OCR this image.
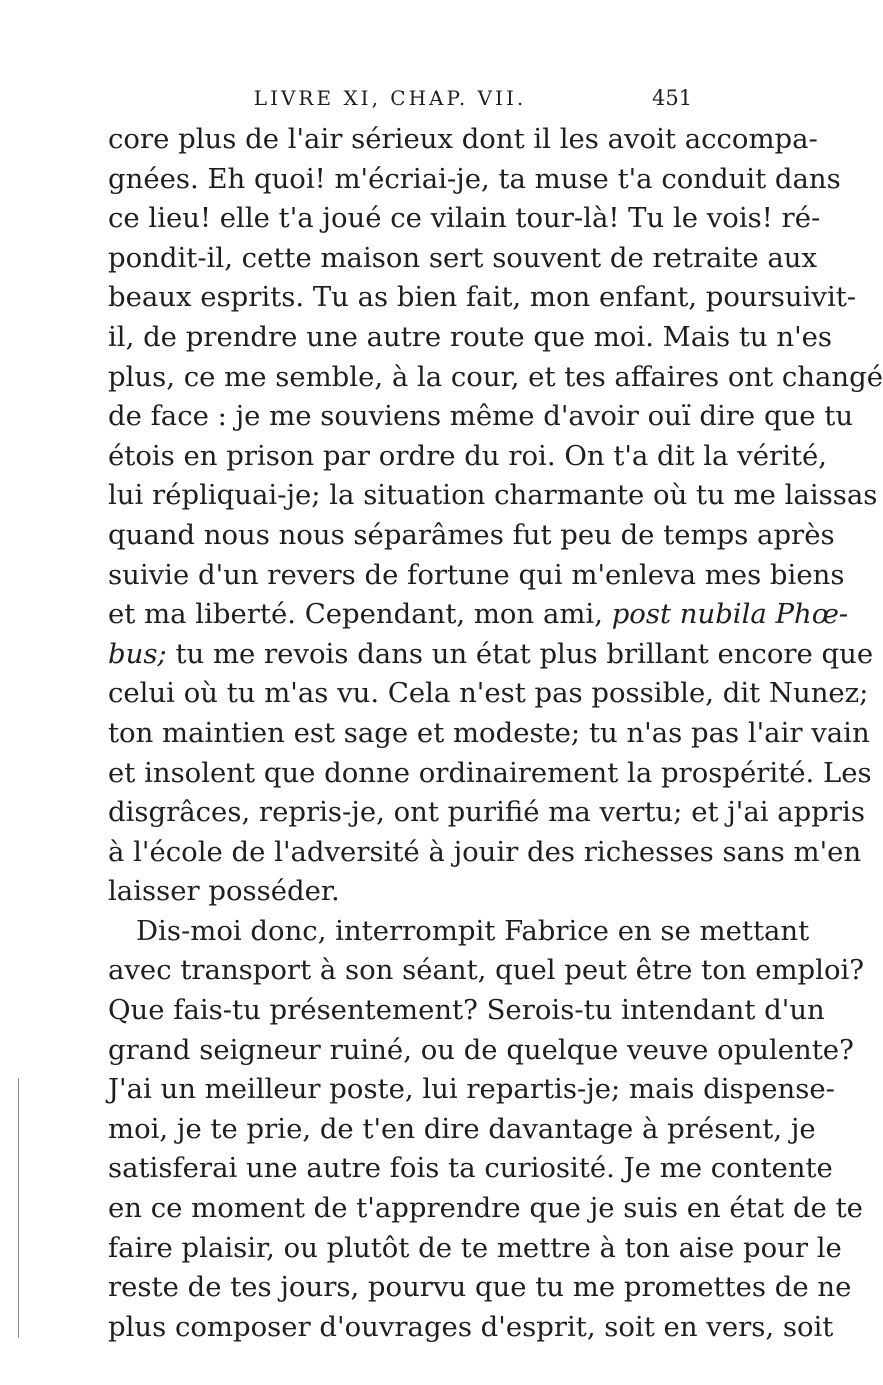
LIVRE XI, CHAP. VII.	451
core plus de l'air sérieux dont il les avoit accompa-
gnées. Eh quoi! m'écriai-je, ta muse t'a conduit dans
ce lieu! elle t'a joué ce vilain tour-là! Tu le vois! ré-
pondit-il, cette maison sert souvent de retraite aux
beaux esprits. Tu as bien fait, mon enfant, poursuivit-
il, de prendre une autre route que moi. Mais tu n'es
plus, ce me semble, à la cour, et tes affaires ont changé
de face : je me souviens même d'avoir ouï dire que tu
étois en prison par ordre du roi. On t'a dit la vérité,
lui répliquai-je; la situation charmante où tu me laissas
quand nous nous séparâmes fut peu de temps après
suivie d'un revers de fortune qui m'enleva mes biens
et ma liberté. Cependant, mon ami, post nubila Phœ-
bus; tu me revois dans un état plus brillant encore que
celui où tu m'as vu. Cela n'est pas possible, dit Nunez;
ton maintien est sage et modeste; tu n'as pas l'air vain
et insolent que donne ordinairement la prospérité. Les
disgrâces, repris-je, ont purifié ma vertu; et j'ai appris
à l'école de l'adversité à jouir des richesses sans m'en
laisser posséder.
Dis-moi donc, interrompit Fabrice en se mettant
avec transport à son séant, quel peut être ton emploi?
Que fais-tu présentement? Serois-tu intendant d'un
grand seigneur ruiné, ou de quelque veuve opulente?
J'ai un meilleur poste, lui repartis-je; mais dispense-
moi, je te prie, de t'en dire davantage à présent, je
satisferai une autre fois ta curiosité. Je me contente
en ce moment de t'apprendre que je suis en état de te
faire plaisir, ou plutôt de te mettre à ton aise pour le
reste de tes jours, pourvu que tu me promettes de ne
plus composer d'ouvrages d'esprit, soit en vers, soit
